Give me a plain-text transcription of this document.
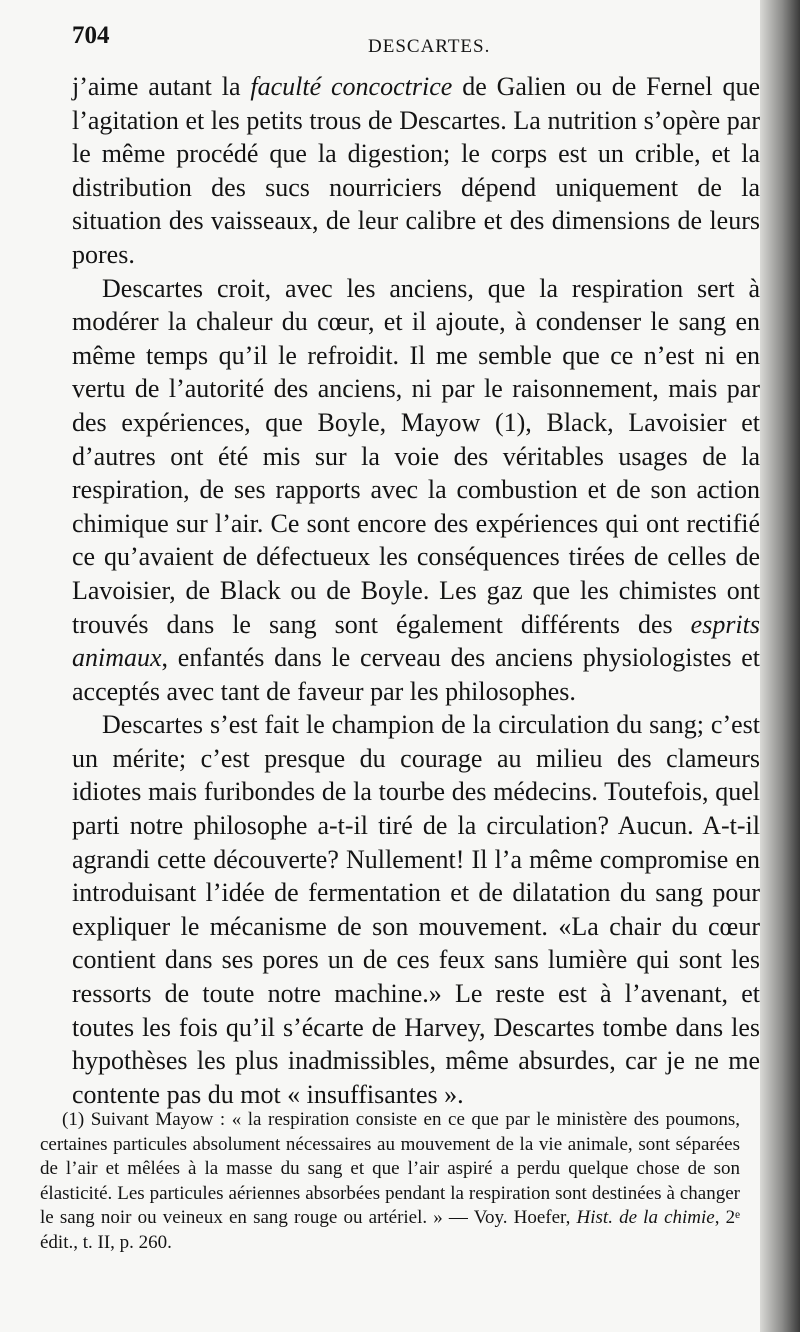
704	DESCARTES.

j’aime autant la faculté concoctrice de Galien ou de Fernel que l’agitation et les petits trous de Descartes. La nutrition s’opère par le même procédé que la digestion; le corps est un crible, et la distribution des sucs nourriciers dépend uniquement de la situation des vaisseaux, de leur calibre et des dimensions de leurs pores.

Descartes croit, avec les anciens, que la respiration sert à modérer la chaleur du cœur, et il ajoute, à condenser le sang en même temps qu’il le refroidit. Il me semble que ce n’est ni en vertu de l’autorité des anciens, ni par le raisonnement, mais par des expériences, que Boyle, Mayow (1), Black, Lavoisier et d’autres ont été mis sur la voie des véritables usages de la respiration, de ses rapports avec la combustion et de son action chimique sur l’air. Ce sont encore des expériences qui ont rectifié ce qu’avaient de défectueux les conséquences tirées de celles de Lavoisier, de Black ou de Boyle. Les gaz que les chimistes ont trouvés dans le sang sont également différents des esprits animaux, enfantés dans le cerveau des anciens physiologistes et acceptés avec tant de faveur par les philosophes.

Descartes s’est fait le champion de la circulation du sang; c’est un mérite; c’est presque du courage au milieu des clameurs idiotes mais furibondes de la tourbe des médecins. Toutefois, quel parti notre philosophe a-t-il tiré de la circulation? Aucun. A-t-il agrandi cette découverte? Nullement! Il l’a même compromise en introduisant l’idée de fermentation et de dilatation du sang pour expliquer le mécanisme de son mouvement. «La chair du cœur contient dans ses pores un de ces feux sans lumière qui sont les ressorts de toute notre machine.» Le reste est à l’avenant, et toutes les fois qu’il s’écarte de Harvey, Descartes tombe dans les hypothèses les plus inadmissibles, même absurdes, car je ne me contente pas du mot « insuffisantes ».

(1) Suivant Mayow : « la respiration consiste en ce que par le ministère des poumons, certaines particules absolument nécessaires au mouvement de la vie animale, sont séparées de l’air et mêlées à la masse du sang et que l’air aspiré a perdu quelque chose de son élasticité. Les particules aériennes absorbées pendant la respiration sont destinées à changer le sang noir ou veineux en sang rouge ou artériel. » — Voy. Hoefer, Hist. de la chimie, 2ᵉ édit., t. II, p. 260.
